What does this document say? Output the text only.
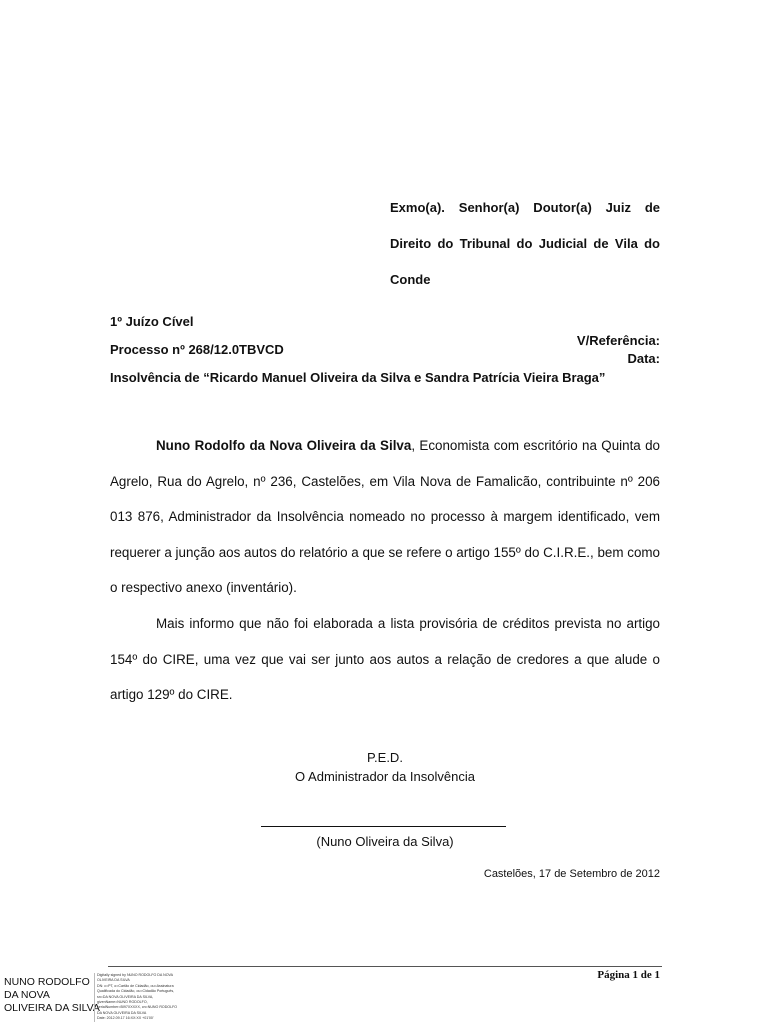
Exmo(a). Senhor(a) Doutor(a) Juiz de
Direito do Tribunal do Judicial de Vila do
Conde
1º Juízo Cível
V/Referência:
Processo nº 268/12.0TBVCD
Data:
Insolvência de “Ricardo Manuel Oliveira da Silva e Sandra Patrícia Vieira Braga”

Nuno Rodolfo da Nova Oliveira da Silva, Economista com escritório na Quinta do Agrelo, Rua do Agrelo, nº 236, Castelões, em Vila Nova de Famalicão, contribuinte nº 206 013 876, Administrador da Insolvência nomeado no processo à margem identificado, vem requerer a junção aos autos do relatório a que se refere o artigo 155º do C.I.R.E., bem como o respectivo anexo (inventário).

Mais informo que não foi elaborada a lista provisória de créditos prevista no artigo 154º do CIRE, uma vez que vai ser junto aos autos a relação de credores a que alude o artigo 129º do CIRE.

P.E.D.
O Administrador da Insolvência
(Nuno Oliveira da Silva)
Castelões, 17 de Setembro de 2012
Página 1 de 1
NUNO RODOLFO
DA NOVA
OLIVEIRA DA SILVA
Digitally signed by NUNO RODOLFO DA NOVA
OLIVEIRA DA SILVA
DN: c=PT, o=Cartão de Cidadão, ou=Assinatura
Qualificada do Cidadão, ou=Cidadão Português,
sn=DA NOVA OLIVEIRA DA SILVA,
givenName=NUNO RODOLFO,
serialNumber=BI97XXXXX, cn=NUNO RODOLFO
DA NOVA OLIVEIRA DA SILVA
Date: 2012.09.17 16:XX:XX +01'00'
